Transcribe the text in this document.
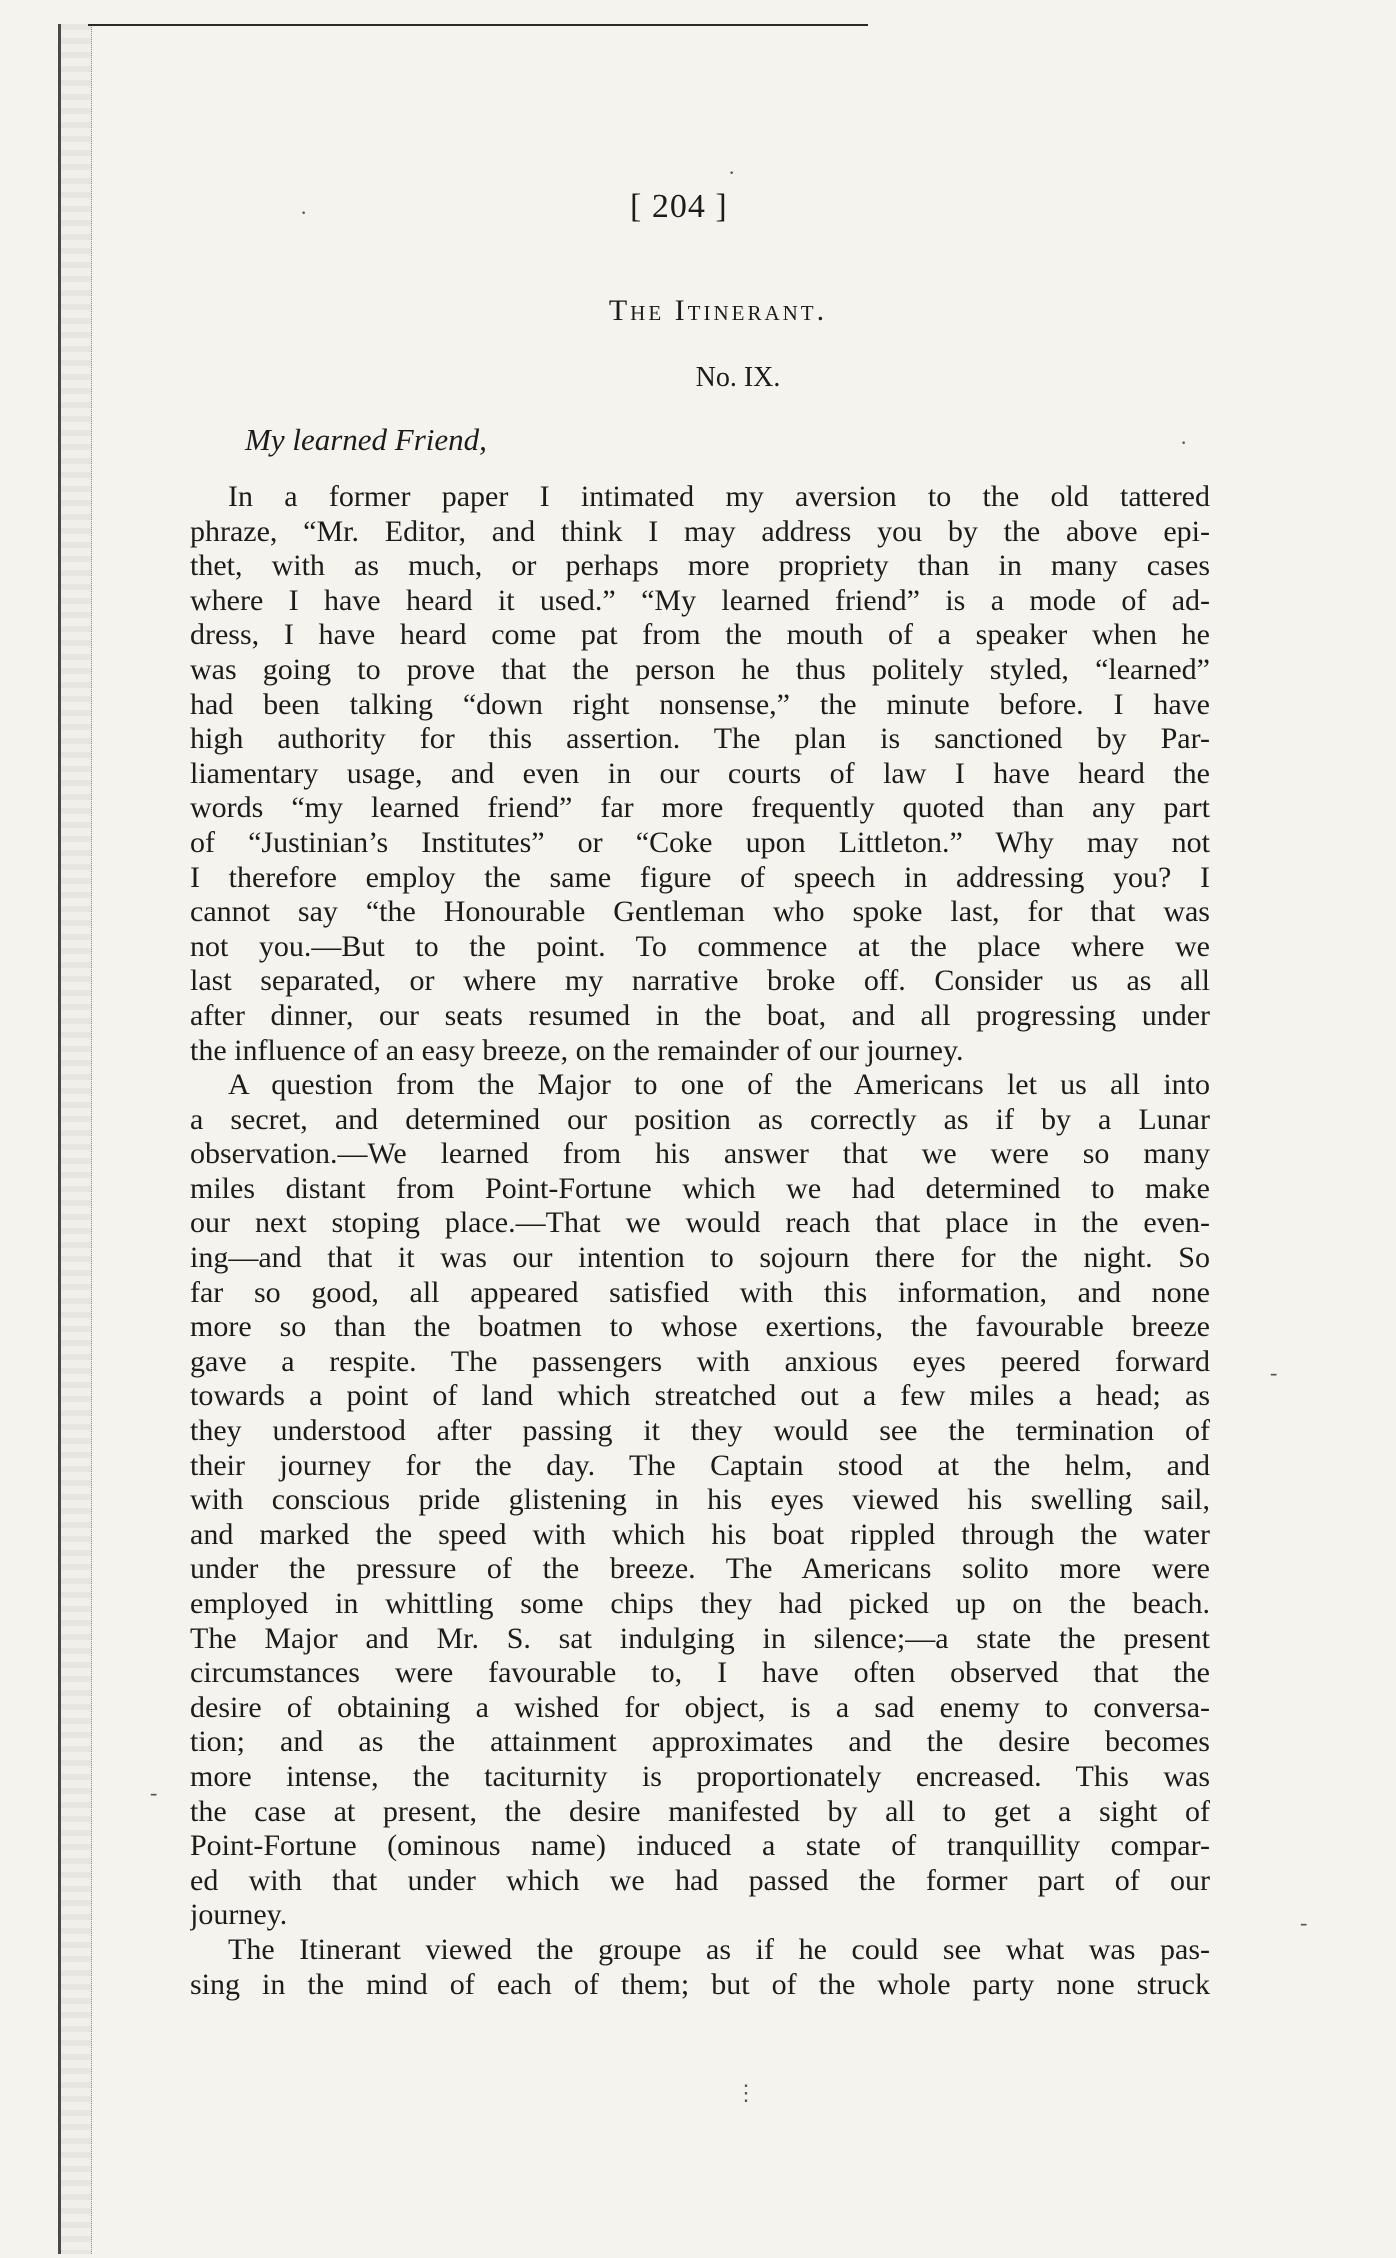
·
·
·
-
-
-
[ 204 ]
The Itinerant.
No. IX.
My learned Friend,
In a former paper I intimated my aversion to the old tattered
phraze, “Mr. Editor, and think I may address you by the above epi-
thet, with as much, or perhaps more propriety than in many cases
where I have heard it used.” “My learned friend” is a mode of ad-
dress, I have heard come pat from the mouth of a speaker when he
was going to prove that the person he thus politely styled, “learned”
had been talking “down right nonsense,” the minute before. I have
high authority for this assertion. The plan is sanctioned by Par-
liamentary usage, and even in our courts of law I have heard the
words “my learned friend” far more frequently quoted than any part
of “Justinian’s Institutes” or “Coke upon Littleton.” Why may not
I therefore employ the same figure of speech in addressing you? I
cannot say “the Honourable Gentleman who spoke last, for that was
not you.—But to the point. To commence at the place where we
last separated, or where my narrative broke off. Consider us as all
after dinner, our seats resumed in the boat, and all progressing under
the influence of an easy breeze, on the remainder of our journey.
A question from the Major to one of the Americans let us all into
a secret, and determined our position as correctly as if by a Lunar
observation.—We learned from his answer that we were so many
miles distant from Point-Fortune which we had determined to make
our next stoping place.—That we would reach that place in the even-
ing—and that it was our intention to sojourn there for the night. So
far so good, all appeared satisfied with this information, and none
more so than the boatmen to whose exertions, the favourable breeze
gave a respite. The passengers with anxious eyes peered forward
towards a point of land which streatched out a few miles a head; as
they understood after passing it they would see the termination of
their journey for the day. The Captain stood at the helm, and
with conscious pride glistening in his eyes viewed his swelling sail,
and marked the speed with which his boat rippled through the water
under the pressure of the breeze. The Americans solito more were
employed in whittling some chips they had picked up on the beach.
The Major and Mr. S. sat indulging in silence;—a state the present
circumstances were favourable to, I have often observed that the
desire of obtaining a wished for object, is a sad enemy to conversa-
tion; and as the attainment approximates and the desire becomes
more intense, the taciturnity is proportionately encreased. This was
the case at present, the desire manifested by all to get a sight of
Point-Fortune (ominous name) induced a state of tranquillity compar-
ed with that under which we had passed the former part of our
journey.
The Itinerant viewed the groupe as if he could see what was pas-
sing in the mind of each of them; but of the whole party none struck
⋮
